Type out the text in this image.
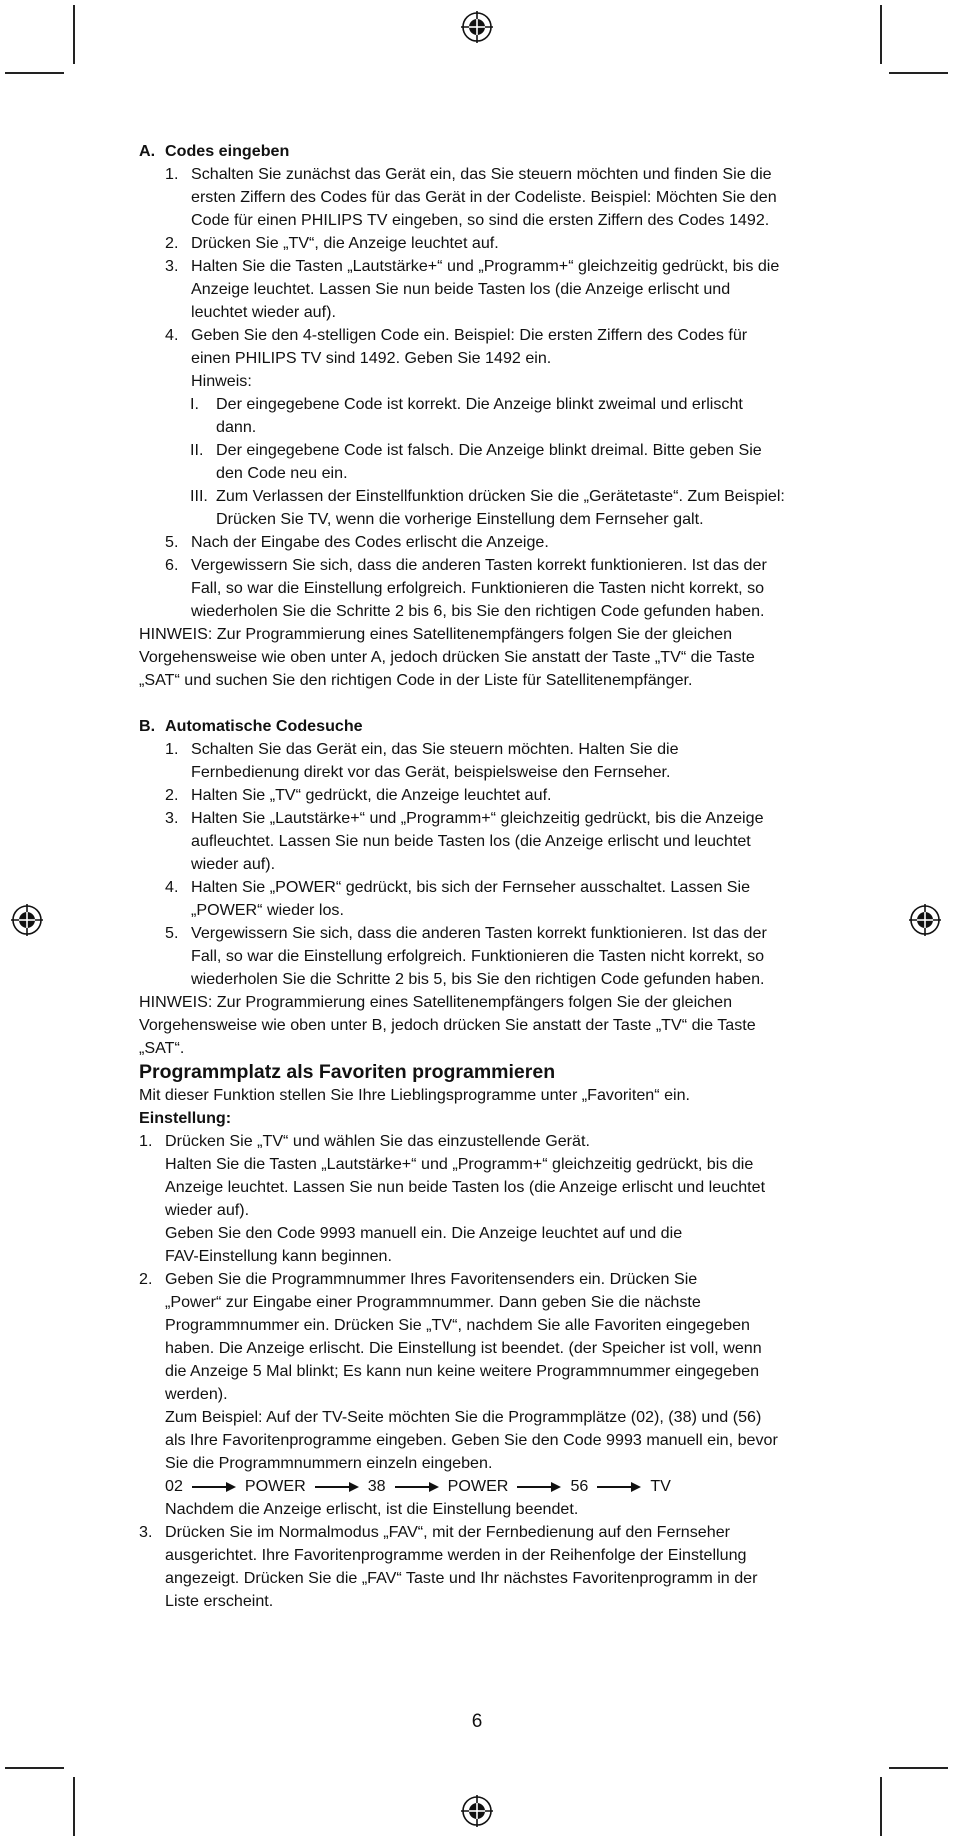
A. Codes eingeben

1. Schalten Sie zunächst das Gerät ein, das Sie steuern möchten und finden Sie die

ersten Ziffern des Codes für das Gerät in der Codeliste. Beispiel: Möchten Sie den

Code für einen PHILIPS TV eingeben, so sind die ersten Ziffern des Codes 1492.

2. Drücken Sie „TV“, die Anzeige leuchtet auf.

3. Halten Sie die Tasten „Lautstärke+“ und „Programm+“ gleichzeitig gedrückt, bis die

Anzeige leuchtet. Lassen Sie nun beide Tasten los (die Anzeige erlischt und

leuchtet wieder auf).

4. Geben Sie den 4-stelligen Code ein. Beispiel: Die ersten Ziffern des Codes für

einen PHILIPS TV sind 1492. Geben Sie 1492 ein.

Hinweis:

I. Der eingegebene Code ist korrekt. Die Anzeige blinkt zweimal und erlischt

dann.

II. Der eingegebene Code ist falsch. Die Anzeige blinkt dreimal. Bitte geben Sie

den Code neu ein.

III. Zum Verlassen der Einstellfunktion drücken Sie die „Gerätetaste“. Zum Beispiel:

Drücken Sie TV, wenn die vorherige Einstellung dem Fernseher galt.

5. Nach der Eingabe des Codes erlischt die Anzeige.

6. Vergewissern Sie sich, dass die anderen Tasten korrekt funktionieren. Ist das der

Fall, so war die Einstellung erfolgreich. Funktionieren die Tasten nicht korrekt, so

wiederholen Sie die Schritte 2 bis 6, bis Sie den richtigen Code gefunden haben.

HINWEIS: Zur Programmierung eines Satellitenempfängers folgen Sie der gleichen

Vorgehensweise wie oben unter A, jedoch drücken Sie anstatt der Taste „TV“ die Taste

„SAT“ und suchen Sie den richtigen Code in der Liste für Satellitenempfänger.

B. Automatische Codesuche

1. Schalten Sie das Gerät ein, das Sie steuern möchten. Halten Sie die

Fernbedienung direkt vor das Gerät, beispielsweise den Fernseher.

2. Halten Sie „TV“ gedrückt, die Anzeige leuchtet auf.

3. Halten Sie „Lautstärke+“ und „Programm+“ gleichzeitig gedrückt, bis die Anzeige

aufleuchtet. Lassen Sie nun beide Tasten los (die Anzeige erlischt und leuchtet

wieder auf).

4. Halten Sie „POWER“ gedrückt, bis sich der Fernseher ausschaltet. Lassen Sie

„POWER“ wieder los.

5. Vergewissern Sie sich, dass die anderen Tasten korrekt funktionieren. Ist das der

Fall, so war die Einstellung erfolgreich. Funktionieren die Tasten nicht korrekt, so

wiederholen Sie die Schritte 2 bis 5, bis Sie den richtigen Code gefunden haben.

HINWEIS: Zur Programmierung eines Satellitenempfängers folgen Sie der gleichen

Vorgehensweise wie oben unter B, jedoch drücken Sie anstatt der Taste „TV“ die Taste

„SAT“.

Programmplatz als Favoriten programmieren

Mit dieser Funktion stellen Sie Ihre Lieblingsprogramme unter „Favoriten“ ein.

Einstellung:

1. Drücken Sie „TV“ und wählen Sie das einzustellende Gerät.

Halten Sie die Tasten „Lautstärke+“ und „Programm+“ gleichzeitig gedrückt, bis die

Anzeige leuchtet. Lassen Sie nun beide Tasten los (die Anzeige erlischt und leuchtet

wieder auf).

Geben Sie den Code 9993 manuell ein. Die Anzeige leuchtet auf und die

FAV-Einstellung kann beginnen.

2. Geben Sie die Programmnummer Ihres Favoritensenders ein. Drücken Sie

„Power“ zur Eingabe einer Programmnummer. Dann geben Sie die nächste

Programmnummer ein. Drücken Sie „TV“, nachdem Sie alle Favoriten eingegeben

haben. Die Anzeige erlischt. Die Einstellung ist beendet. (der Speicher ist voll, wenn

die Anzeige 5 Mal blinkt; Es kann nun keine weitere Programmnummer eingegeben

werden).

Zum Beispiel: Auf der TV-Seite möchten Sie die Programmplätze (02), (38) und (56)

als Ihre Favoritenprogramme eingeben. Geben Sie den Code 9993 manuell ein, bevor

Sie die Programmnummern einzeln eingeben.

02	POWER	38	POWER	56	TV

Nachdem die Anzeige erlischt, ist die Einstellung beendet.

3. Drücken Sie im Normalmodus „FAV“, mit der Fernbedienung auf den Fernseher

ausgerichtet. Ihre Favoritenprogramme werden in der Reihenfolge der Einstellung

angezeigt. Drücken Sie die „FAV“ Taste und Ihr nächstes Favoritenprogramm in der

Liste erscheint.

6
